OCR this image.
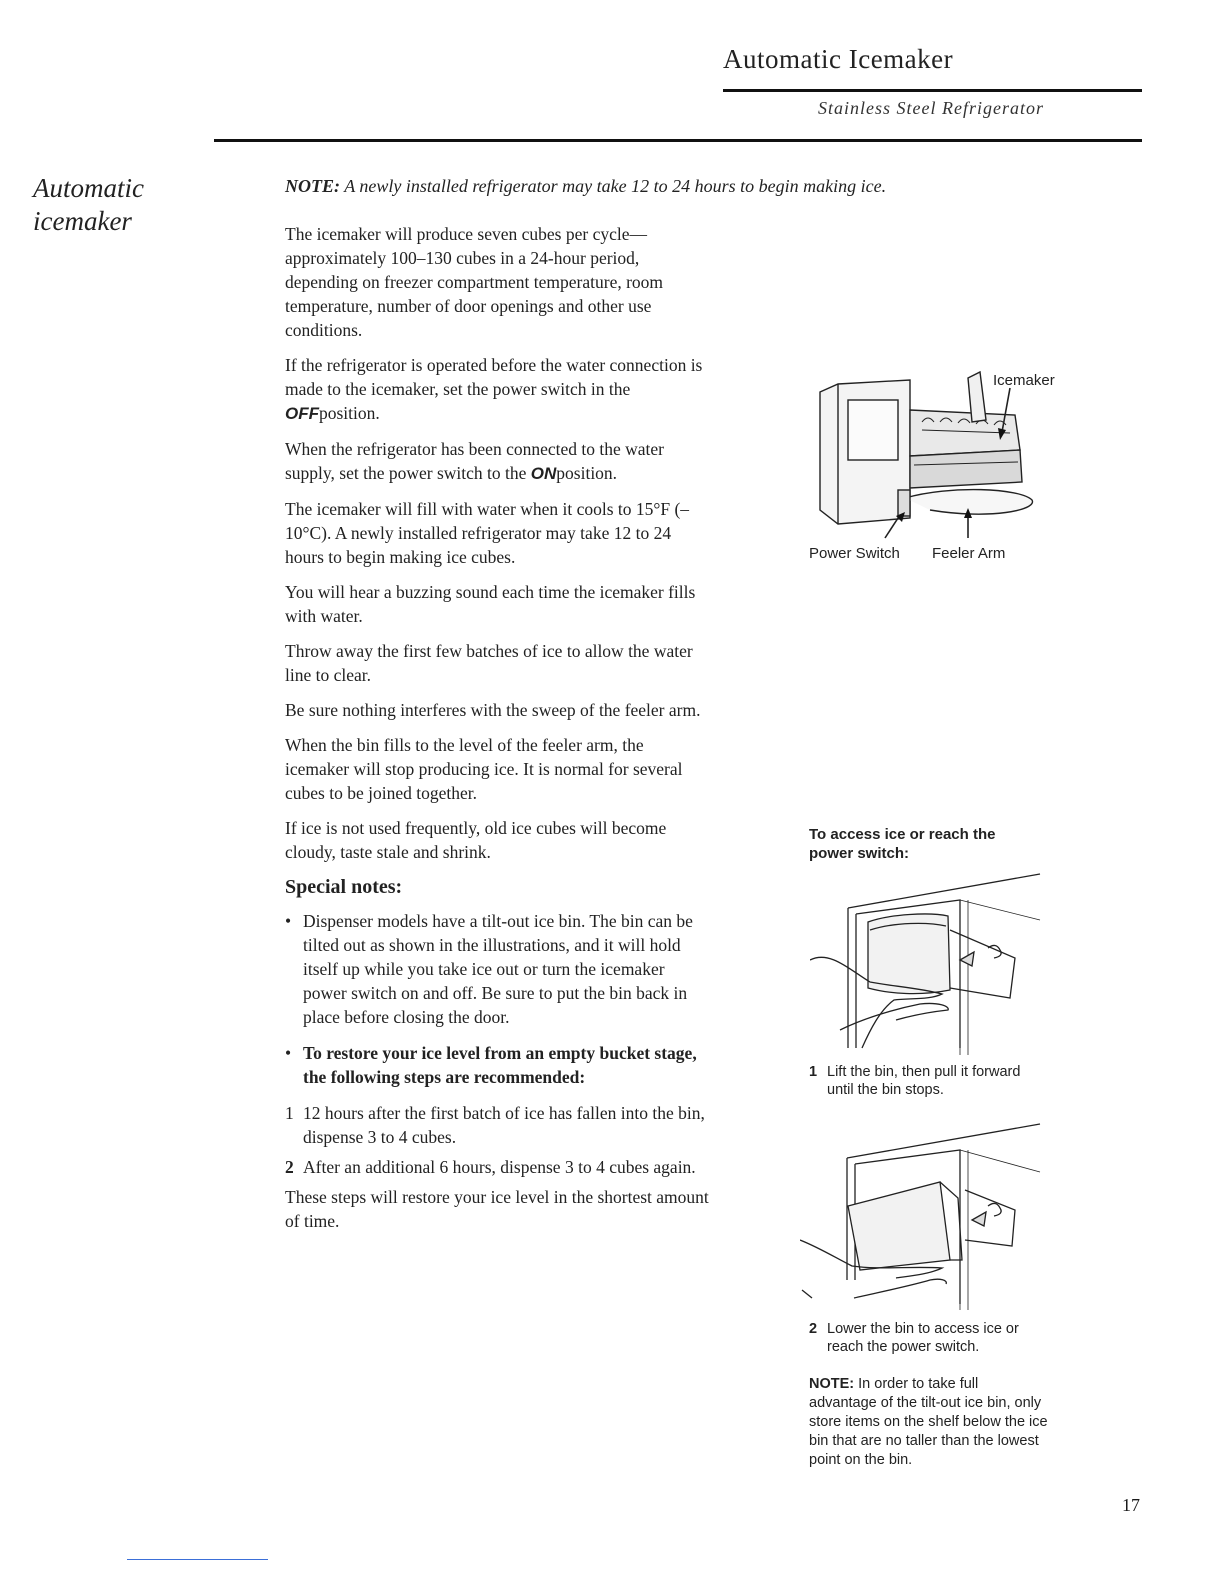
Automatic Icemaker
Stainless Steel Refrigerator
Automatic icemaker
NOTE: A newly installed refrigerator may take 12 to 24 hours to begin making ice.

The icemaker will produce seven cubes per cycle—approximately 100–130 cubes in a 24-hour period, depending on freezer compartment temperature, room temperature, number of door openings and other use conditions.

If the refrigerator is operated before the water connection is made to the icemaker, set the power switch in the OFFposition.

When the refrigerator has been connected to the water supply, set the power switch to the ONposition.

The icemaker will fill with water when it cools to 15°F (–10°C). A newly installed refrigerator may take 12 to 24 hours to begin making ice cubes.

You will hear a buzzing sound each time the icemaker fills with water.

Throw away the first few batches of ice to allow the water line to clear.

Be sure nothing interferes with the sweep of the feeler arm.

When the bin fills to the level of the feeler arm, the icemaker will stop producing ice. It is normal for several cubes to be joined together.

If ice is not used frequently, old ice cubes will become cloudy, taste stale and shrink.

Special notes:
• Dispenser models have a tilt-out ice bin. The bin can be tilted out as shown in the illustrations, and it will hold itself up while you take ice out or turn the icemaker power switch on and off. Be sure to put the bin back in place before closing the door.
• To restore your ice level from an empty bucket stage, the following steps are recommended:
1 12 hours after the first batch of ice has fallen into the bin, dispense 3 to 4 cubes.
2 After an additional 6 hours, dispense 3 to 4 cubes again.

These steps will restore your ice level in the shortest amount of time.

Icemaker
Power Switch Feeler Arm
To access ice or reach the power switch:
1 Lift the bin, then pull it forward until the bin stops.
2 Lower the bin to access ice or reach the power switch.
NOTE: In order to take full advantage of the tilt-out ice bin, only store items on the shelf below the ice bin that are no taller than the lowest point on the bin.
17
